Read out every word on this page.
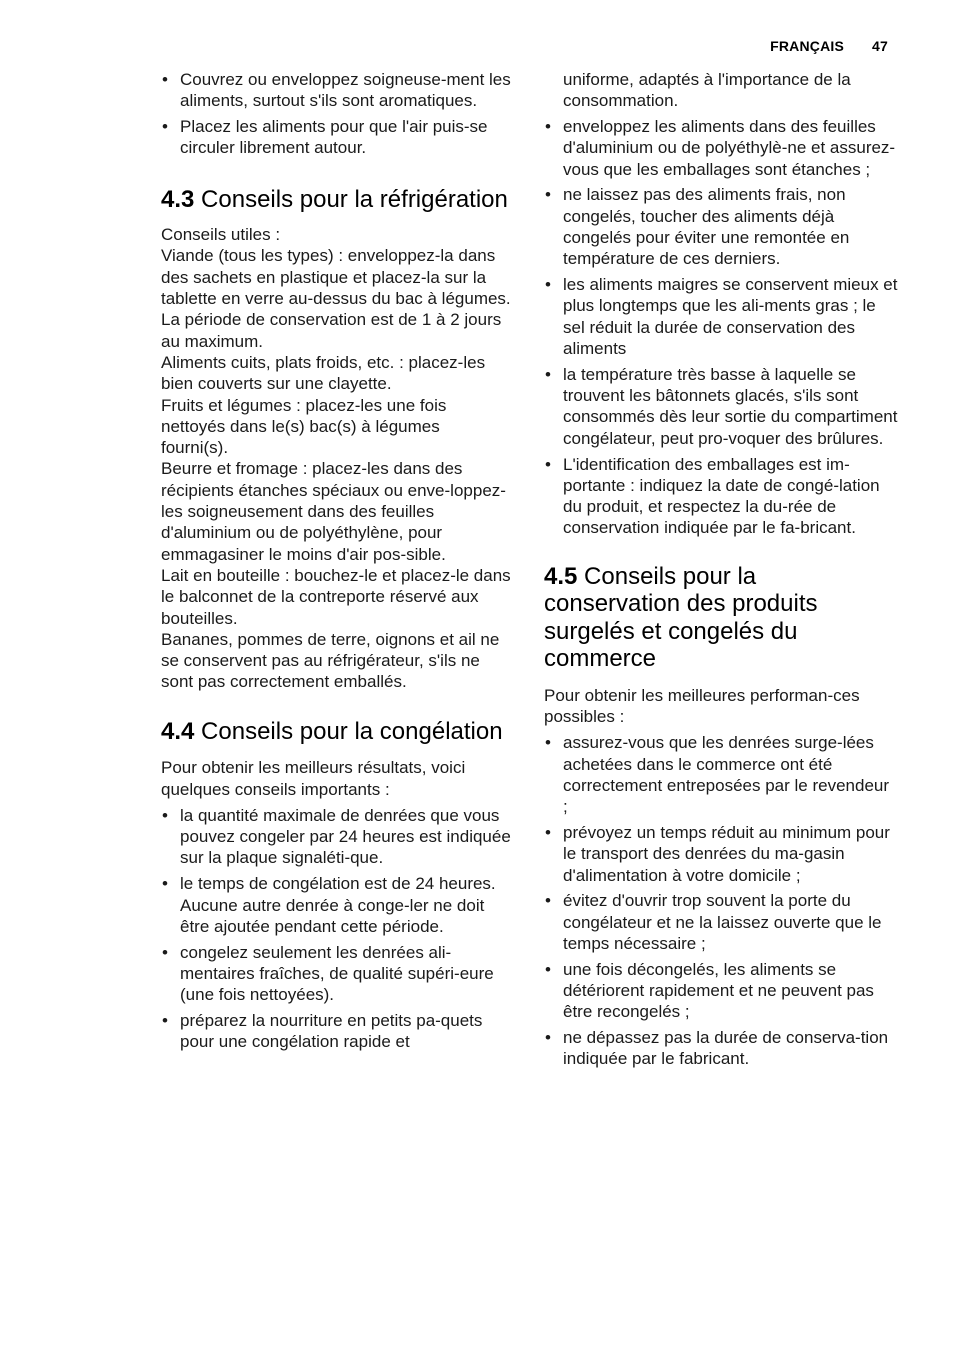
FRANÇAIS 47
• Couvrez ou enveloppez soigneuse-ment les aliments, surtout s'ils sont aromatiques.
• Placez les aliments pour que l'air puis-se circuler librement autour.
4.3 Conseils pour la réfrigération

Conseils utiles :

Viande (tous les types) : enveloppez-la dans des sachets en plastique et placez-la sur la tablette en verre au-dessus du bac à légumes.

La période de conservation est de 1 à 2 jours au maximum.

Aliments cuits, plats froids, etc. : placez-les bien couverts sur une clayette.

Fruits et légumes : placez-les une fois nettoyés dans le(s) bac(s) à légumes fourni(s).

Beurre et fromage : placez-les dans des récipients étanches spéciaux ou enve-loppez-les soigneusement dans des feuilles d'aluminium ou de polyéthylène, pour emmagasiner le moins d'air pos-sible.

Lait en bouteille : bouchez-le et placez-le dans le balconnet de la contreporte réservé aux bouteilles.

Bananes, pommes de terre, oignons et ail ne se conservent pas au réfrigérateur, s'ils ne sont pas correctement emballés.

4.4 Conseils pour la congélation

Pour obtenir les meilleurs résultats, voici quelques conseils importants :

• la quantité maximale de denrées que vous pouvez congeler par 24 heures est indiquée sur la plaque signaléti-que.
• le temps de congélation est de 24 heures. Aucune autre denrée à conge-ler ne doit être ajoutée pendant cette période.
• congelez seulement les denrées ali-mentaires fraîches, de qualité supéri-eure (une fois nettoyées).
• préparez la nourriture en petits pa-quets pour une congélation rapide et
uniforme, adaptés à l'importance de la consommation.
• enveloppez les aliments dans des feuilles d'aluminium ou de polyéthylè-ne et assurez-vous que les emballages sont étanches ;
• ne laissez pas des aliments frais, non congelés, toucher des aliments déjà congelés pour éviter une remontée en température de ces derniers.
• les aliments maigres se conservent mieux et plus longtemps que les ali-ments gras ; le sel réduit la durée de conservation des aliments
• la température très basse à laquelle se trouvent les bâtonnets glacés, s'ils sont consommés dès leur sortie du compartiment congélateur, peut pro-voquer des brûlures.
• L'identification des emballages est im-portante : indiquez la date de congé-lation du produit, et respectez la du-rée de conservation indiquée par le fa-bricant.
4.5 Conseils pour la conservation des produits surgelés et congelés du commerce

Pour obtenir les meilleures performan-ces possibles :

• assurez-vous que les denrées surge-lées achetées dans le commerce ont été correctement entreposées par le revendeur ;
• prévoyez un temps réduit au minimum pour le transport des denrées du ma-gasin d'alimentation à votre domicile ;
• évitez d'ouvrir trop souvent la porte du congélateur et ne la laissez ouverte que le temps nécessaire ;
• une fois décongelés, les aliments se détériorent rapidement et ne peuvent pas être recongelés ;
• ne dépassez pas la durée de conserva-tion indiquée par le fabricant.
